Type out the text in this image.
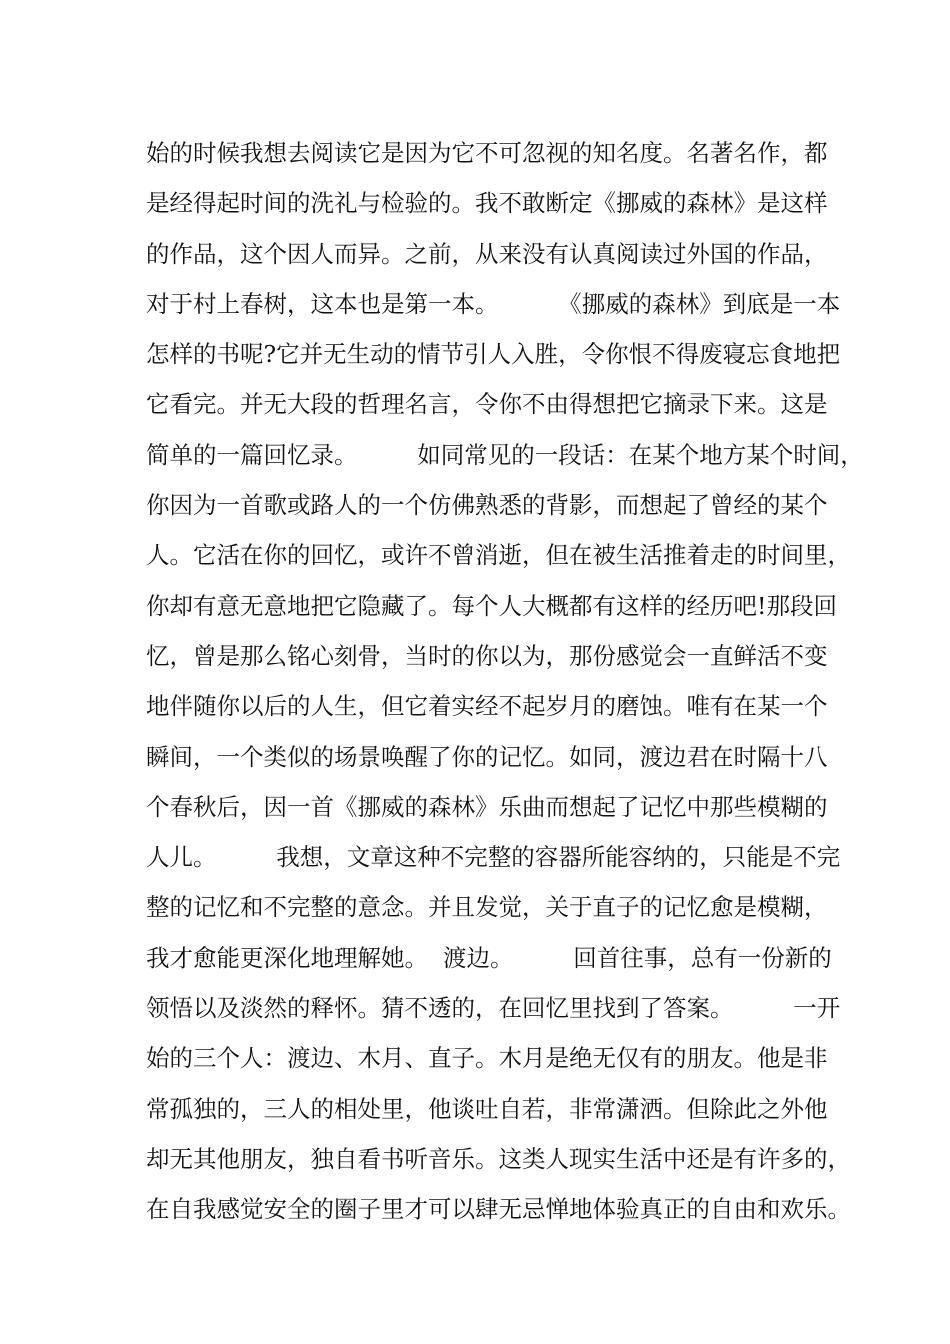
始的时候我想去阅读它是因为它不可忽视的知名度。名著名作，都

是经得起时间的洗礼与检验的。我不敢断定《挪威的森林》是这样

的作品，这个因人而异。之前，从来没有认真阅读过外国的作品，

对于村上春树，这本也是第一本。        《挪威的森林》到底是一本

怎样的书呢?它并无生动的情节引人入胜，令你恨不得废寝忘食地把

它看完。并无大段的哲理名言，令你不由得想把它摘录下来。这是

简单的一篇回忆录。        如同常见的一段话：在某个地方某个时间，

你因为一首歌或路人的一个仿佛熟悉的背影，而想起了曾经的某个

人。它活在你的回忆，或许不曾消逝，但在被生活推着走的时间里，

你却有意无意地把它隐藏了。每个人大概都有这样的经历吧!那段回

忆，曾是那么铭心刻骨，当时的你以为，那份感觉会一直鲜活不变

地伴随你以后的人生，但它着实经不起岁月的磨蚀。唯有在某一个

瞬间，一个类似的场景唤醒了你的记忆。如同，渡边君在时隔十八

个春秋后，因一首《挪威的森林》乐曲而想起了记忆中那些模糊的

人儿。        我想，文章这种不完整的容器所能容纳的，只能是不完

整的记忆和不完整的意念。并且发觉，关于直子的记忆愈是模糊，

我才愈能更深化地理解她。  渡边。        回首往事，总有一份新的

领悟以及淡然的释怀。猜不透的，在回忆里找到了答案。        一开

始的三个人：渡边、木月、直子。木月是绝无仅有的朋友。他是非

常孤独的，三人的相处里，他谈吐自若，非常潇洒。但除此之外他

却无其他朋友，独自看书听音乐。这类人现实生活中还是有许多的，

在自我感觉安全的圈子里才可以肆无忌惮地体验真正的自由和欢乐。
